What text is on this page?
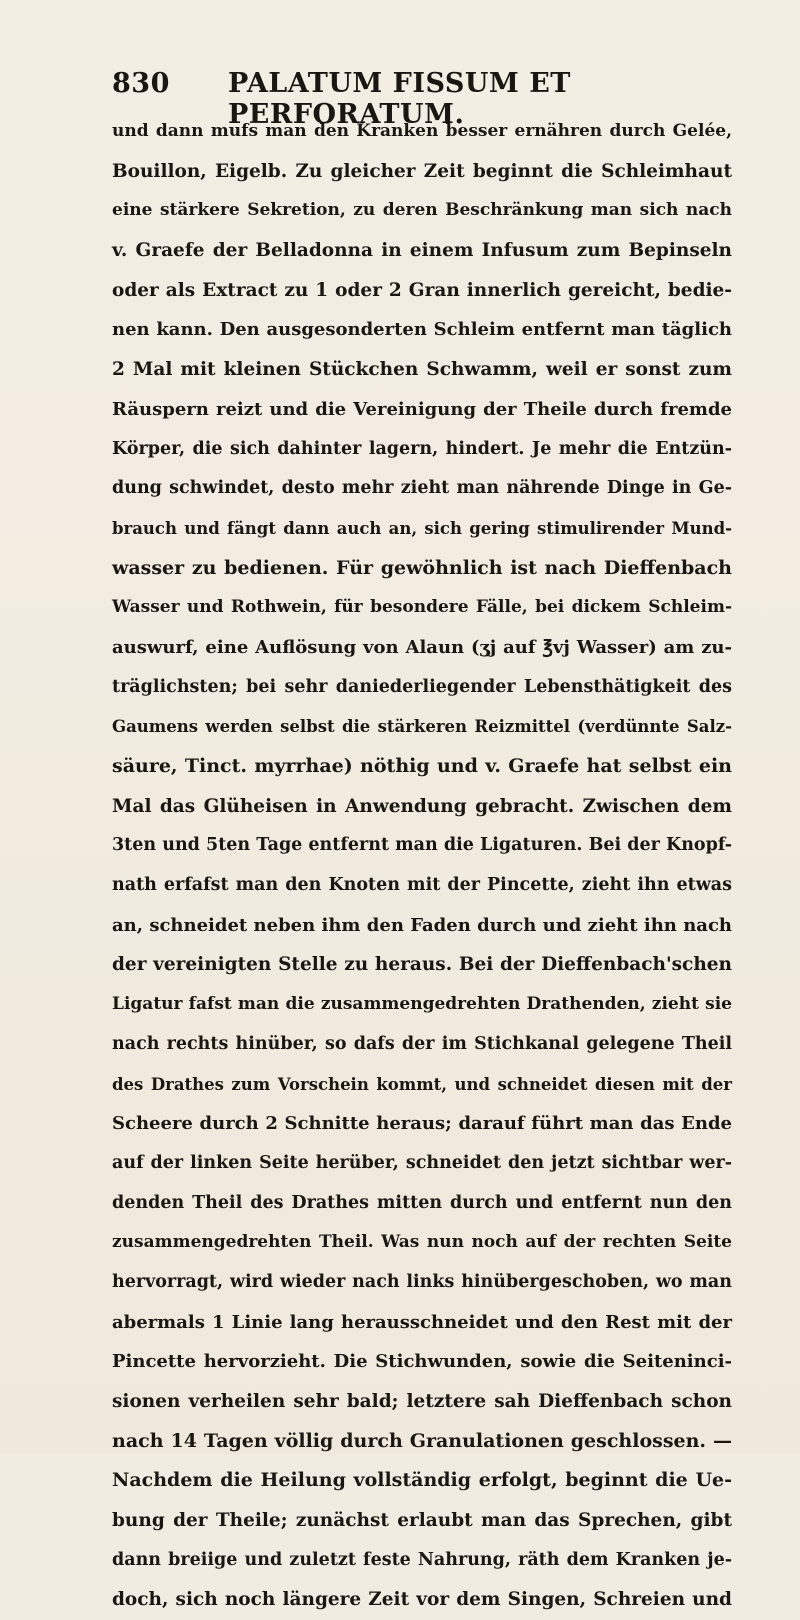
830 PALATUM FISSUM ET PERFORATUM.
und dann mufs man den Kranken besser ernähren durch Gelée,
Bouillon, Eigelb. Zu gleicher Zeit beginnt die Schleimhaut
eine stärkere Sekretion, zu deren Beschränkung man sich nach
v. Graefe der Belladonna in einem Infusum zum Bepinseln
oder als Extract zu 1 oder 2 Gran innerlich gereicht, bedie-
nen kann. Den ausgesonderten Schleim entfernt man täglich
2 Mal mit kleinen Stückchen Schwamm, weil er sonst zum
Räuspern reizt und die Vereinigung der Theile durch fremde
Körper, die sich dahinter lagern, hindert. Je mehr die Entzün-
dung schwindet, desto mehr zieht man nährende Dinge in Ge-
brauch und fängt dann auch an, sich gering stimulirender Mund-
wasser zu bedienen. Für gewöhnlich ist nach Dieffenbach
Wasser und Rothwein, für besondere Fälle, bei dickem Schleim-
auswurf, eine Auflösung von Alaun (ʒj auf ℥vj Wasser) am zu-
träglichsten; bei sehr daniederliegender Lebensthätigkeit des
Gaumens werden selbst die stärkeren Reizmittel (verdünnte Salz-
säure, Tinct. myrrhae) nöthig und v. Graefe hat selbst ein
Mal das Glüheisen in Anwendung gebracht. Zwischen dem
3ten und 5ten Tage entfernt man die Ligaturen. Bei der Knopf-
nath erfafst man den Knoten mit der Pincette, zieht ihn etwas
an, schneidet neben ihm den Faden durch und zieht ihn nach
der vereinigten Stelle zu heraus. Bei der Dieffenbach'schen
Ligatur fafst man die zusammengedrehten Drathenden, zieht sie
nach rechts hinüber, so dafs der im Stichkanal gelegene Theil
des Drathes zum Vorschein kommt, und schneidet diesen mit der
Scheere durch 2 Schnitte heraus; darauf führt man das Ende
auf der linken Seite herüber, schneidet den jetzt sichtbar wer-
denden Theil des Drathes mitten durch und entfernt nun den
zusammengedrehten Theil. Was nun noch auf der rechten Seite
hervorragt, wird wieder nach links hinübergeschoben, wo man
abermals 1 Linie lang herausschneidet und den Rest mit der
Pincette hervorzieht. Die Stichwunden, sowie die Seiteninci-
sionen verheilen sehr bald; letztere sah Dieffenbach schon
nach 14 Tagen völlig durch Granulationen geschlossen. —
Nachdem die Heilung vollständig erfolgt, beginnt die Ue-
bung der Theile; zunächst erlaubt man das Sprechen, gibt
dann breiige und zuletzt feste Nahrung, räth dem Kranken je-
doch, sich noch längere Zeit vor dem Singen, Schreien und
